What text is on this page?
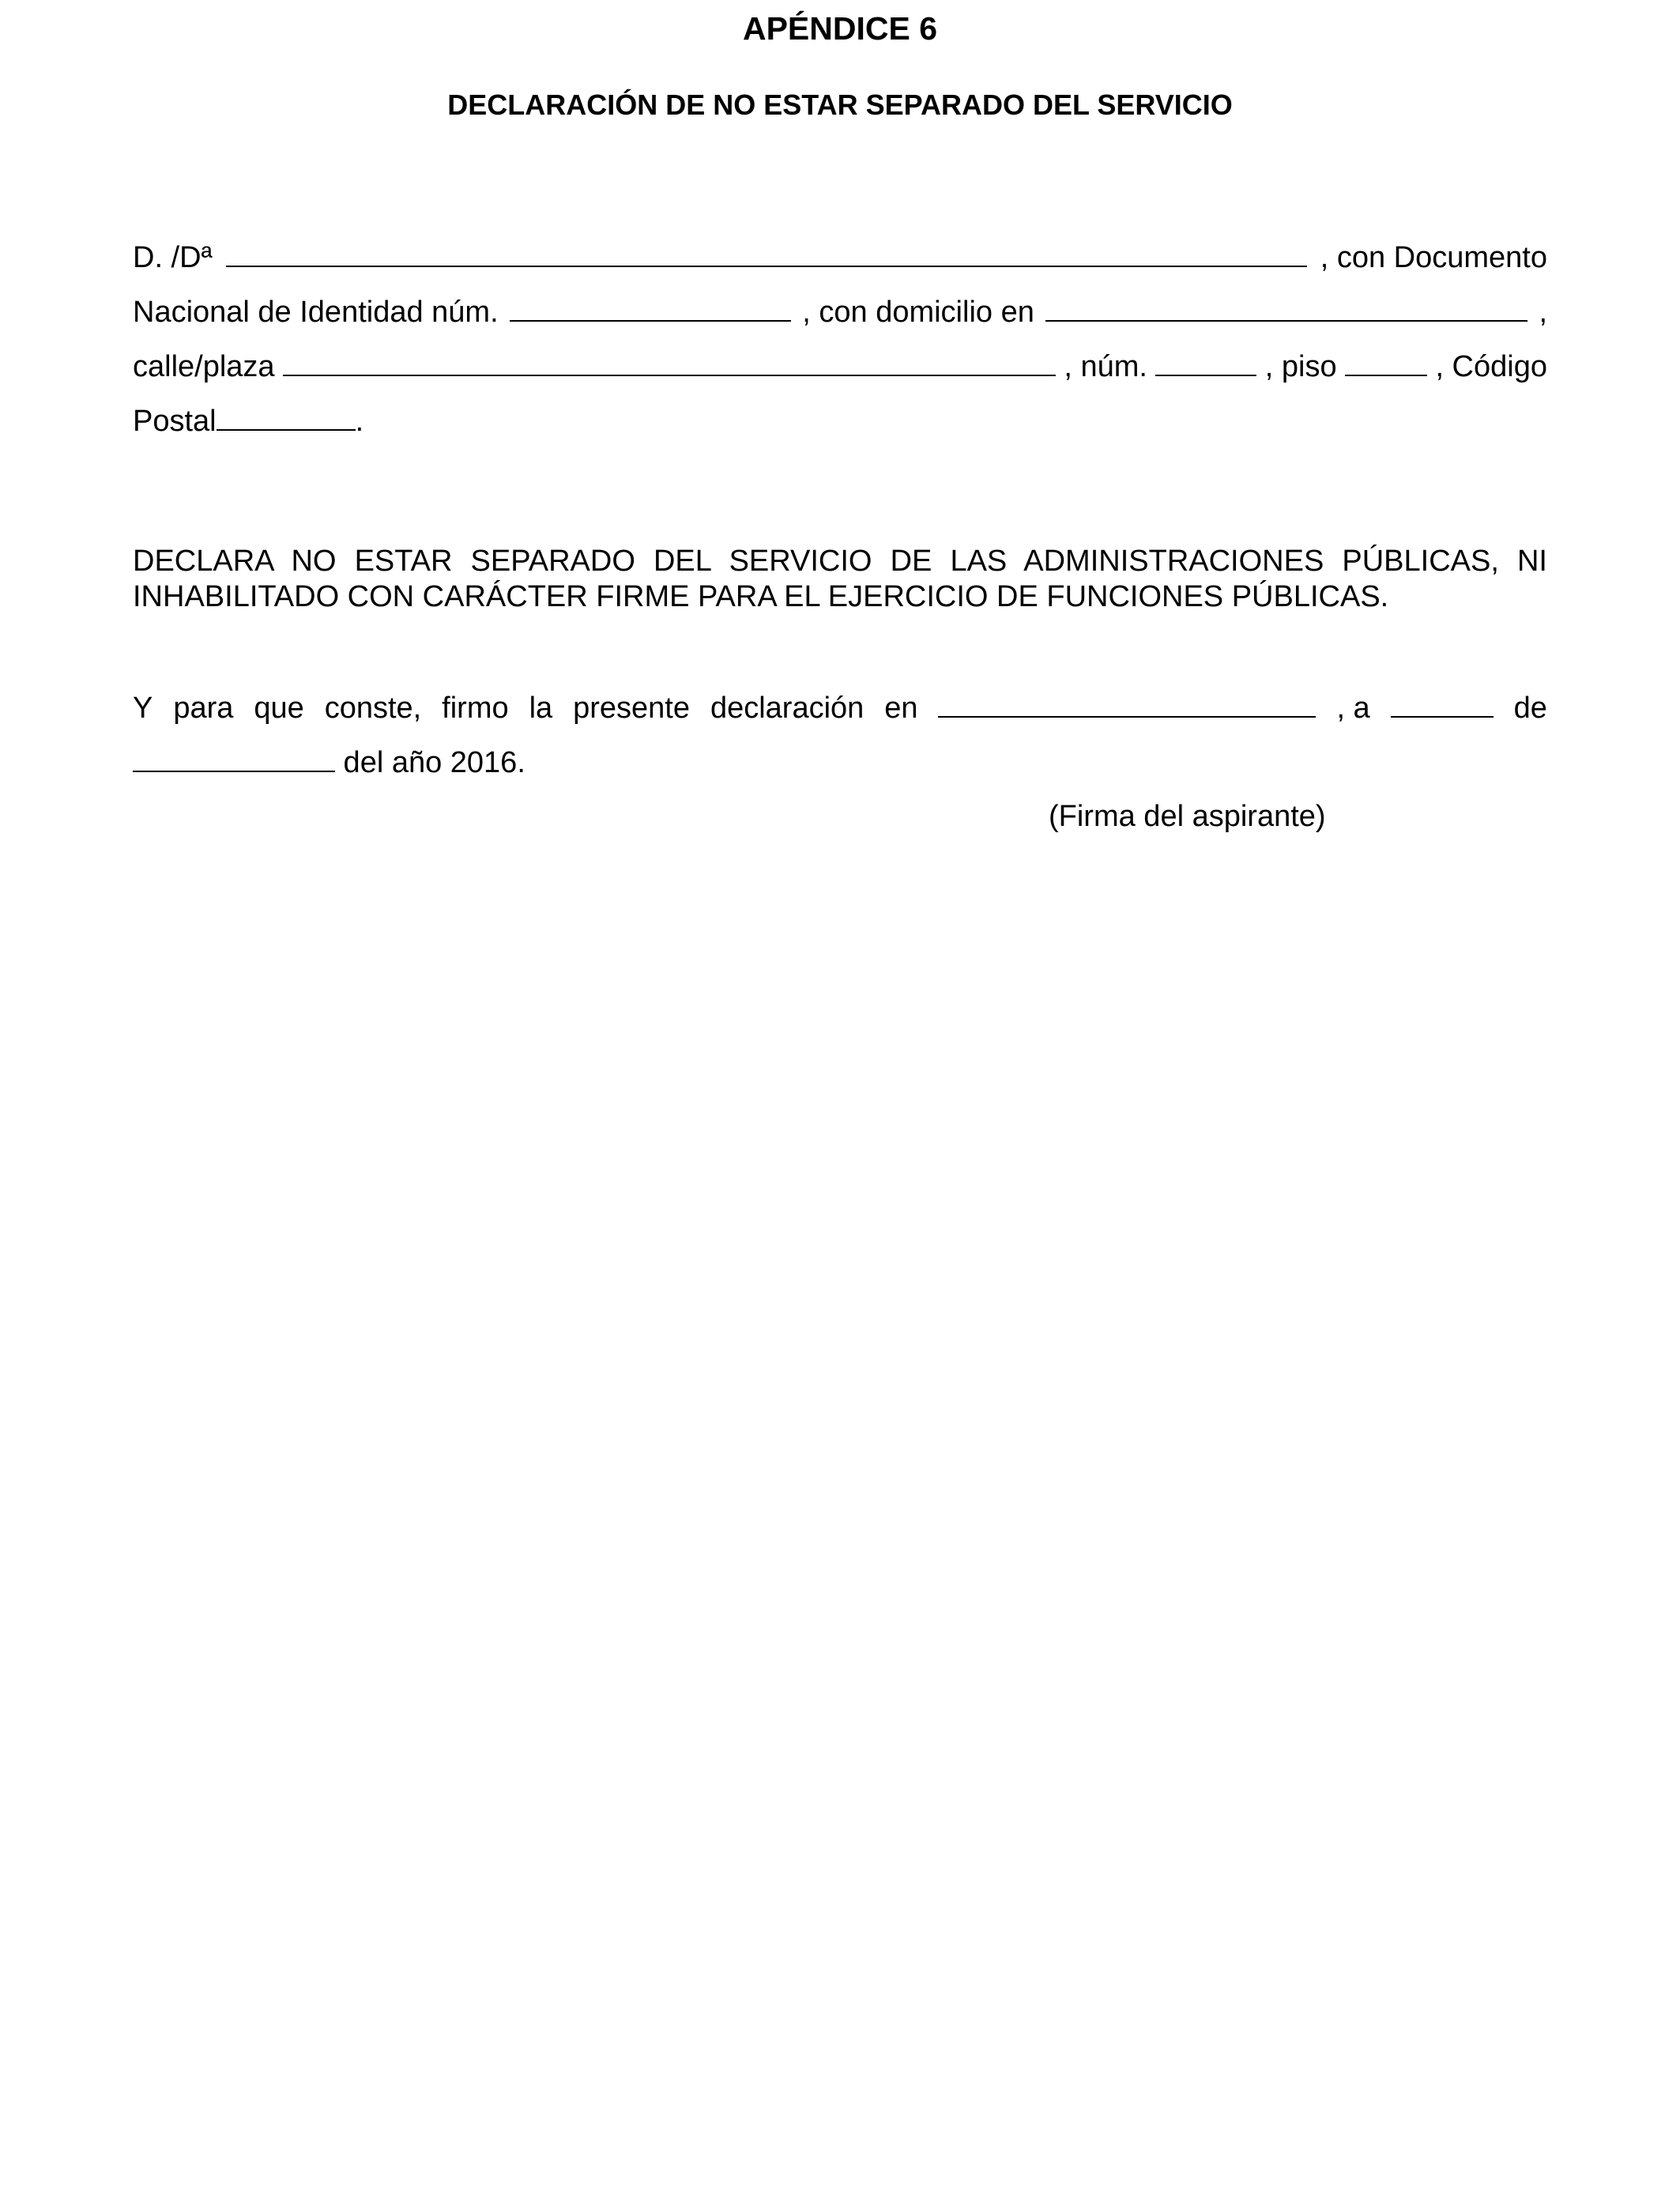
APÉNDICE 6
DECLARACIÓN DE NO ESTAR SEPARADO DEL SERVICIO
D. /Dª	, con Documento
Nacional de Identidad núm.	, con domicilio en	,
calle/plaza	, núm.	, piso	, Código
Postal	.
DECLARA NO ESTAR SEPARADO DEL SERVICIO DE LAS ADMINISTRACIONES PÚBLICAS, NI INHABILITADO CON CARÁCTER FIRME PARA EL EJERCICIO DE FUNCIONES PÚBLICAS.
Y para que conste, firmo la presente declaración en	, a	de
del año 2016.
(Firma del aspirante)
